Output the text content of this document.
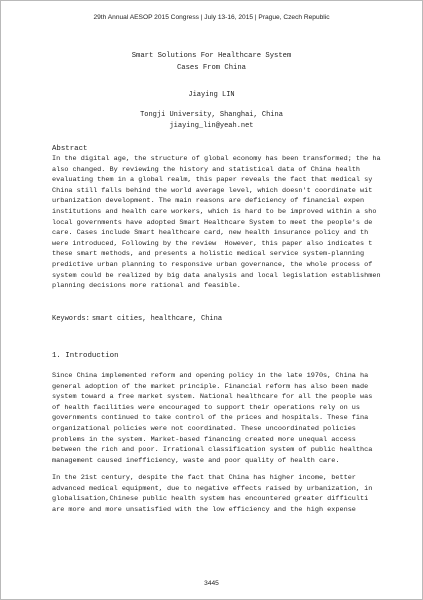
29th Annual AESOP 2015 Congress | July 13-16, 2015 | Prague, Czech Republic
Smart Solutions For Healthcare System
Cases From China
Jiaying LIN
Tongji University, Shanghai, China
jiaying_lin@yeah.net
Abstract
In the digital age, the structure of global economy has been transformed; the ha
also changed. By reviewing the history and statistical data of China health
evaluating them in a global realm, this paper reveals the fact that medical sy
China still falls behind the world average level, which doesn't coordinate wit
urbanization development. The main reasons are deficiency of financial expen
institutions and health care workers, which is hard to be improved within a sho
local governments have adopted Smart Healthcare System to meet the people's de
care. Cases include Smart healthcare card, new health insurance policy and th
were introduced, Following by the review  However, this paper also indicates t
these smart methods, and presents a holistic medical service system-planning
predictive urban planning to responsive urban governance, the whole process of
system could be realized by big data analysis and local legislation establishmen
planning decisions more rational and feasible.
Keywords: smart cities, healthcare, China
1. Introduction
Since China implemented reform and opening policy in the late 1970s, China ha
general adoption of the market principle. Financial reform has also been made
system toward a free market system. National healthcare for all the people was
of health facilities were encouraged to support their operations rely on us
governments continued to take control of the prices and hospitals. These fina
organizational policies were not coordinated. These uncoordinated policies
problems in the system. Market-based financing created more unequal access
between the rich and poor. Irrational classification system of public healthca
management caused inefficiency, waste and poor quality of health care.
In the 21st century, despite the fact that China has higher income, better
advanced medical equipment, due to negative effects raised by urbanization, in
globalisation,Chinese public health system has encountered greater difficulti
are more and more unsatisfied with the low efficiency and the high expense
3445
